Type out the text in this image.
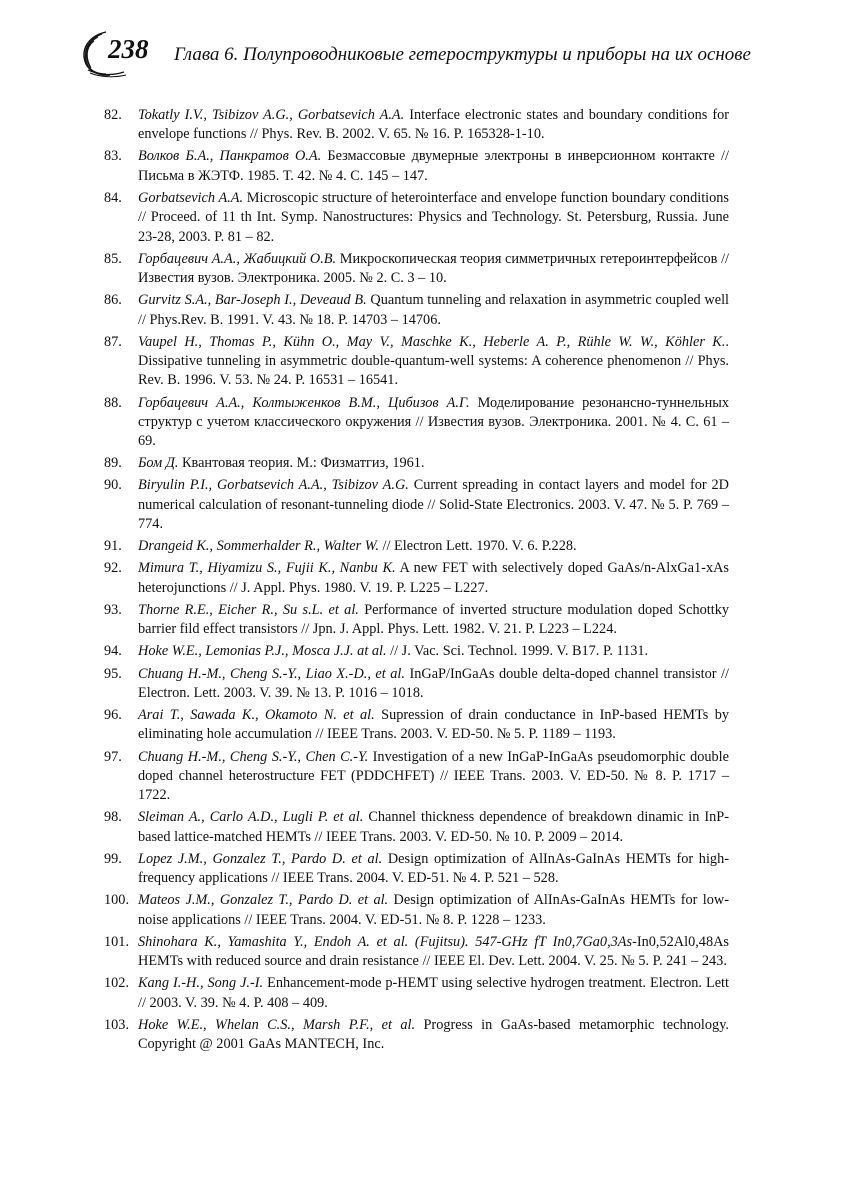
238 Глава 6. Полупроводниковые гетероструктуры и приборы на их основе
82.	Tokatly I.V., Tsibizov A.G., Gorbatsevich A.A. Interface electronic states and boundary conditions for envelope functions // Phys. Rev. B. 2002. V. 65. № 16. P. 165328-1-10.
83.	Волков Б.А., Панкратов О.А. Безмассовые двумерные электроны в инверсионном контакте // Письма в ЖЭТФ. 1985. Т. 42. № 4. С. 145 – 147.
84.	Gorbatsevich A.A. Microscopic structure of heterointerface and envelope function boundary conditions // Proceed. of 11 th Int. Symp. Nanostructures: Physics and Technology. St. Petersburg, Russia. June 23-28, 2003. P. 81 – 82.
85.	Горбацевич А.А., Жабицкий О.В. Микроскопическая теория симметричных гетероинтерфейсов // Известия вузов. Электроника. 2005. № 2. С. 3 – 10.
86.	Gurvitz S.A., Bar-Joseph I., Deveaud B. Quantum tunneling and relaxation in asymmetric coupled well // Phys.Rev. B. 1991. V. 43. № 18. P. 14703 – 14706.
87.	Vaupel H., Thomas P., Kühn O., May V., Maschke K., Heberle A. P., Rühle W. W., Köhler K.. Dissipative tunneling in asymmetric double-quantum-well systems: A coherence phenomenon // Phys. Rev. B. 1996. V. 53. № 24. P. 16531 – 16541.
88.	Горбацевич А.А., Колтыженков В.М., Цибизов А.Г. Моделирование резонансно-туннельных структур с учетом классического окружения // Известия вузов. Электроника. 2001. № 4. С. 61 – 69.
89.	Бом Д. Квантовая теория. М.: Физматгиз, 1961.
90.	Biryulin P.I., Gorbatsevich A.A., Tsibizov A.G. Current spreading in contact layers and model for 2D numerical calculation of resonant-tunneling diode // Solid-State Electronics. 2003. V. 47. № 5. P. 769 – 774.
91.	Drangeid K., Sommerhalder R., Walter W. // Electron Lett. 1970. V. 6. P.228.
92.	Mimura T., Hiyamizu S., Fujii K., Nanbu K. A new FET with selectively doped GaAs/n-AlxGa1-xAs heterojunctions // J. Appl. Phys. 1980. V. 19. P. L225 – L227.
93.	Thorne R.E., Eicher R., Su s.L. et al. Performance of inverted structure modulation doped Schottky barrier fild effect transistors // Jpn. J. Appl. Phys. Lett. 1982. V. 21. P. L223 – L224.
94.	Hoke W.E., Lemonias P.J., Mosca J.J. at al. // J. Vac. Sci. Technol. 1999. V. B17. P. 1131.
95.	Chuang H.-M., Cheng S.-Y., Liao X.-D., et al. InGaP/InGaAs double delta-doped channel transistor // Electron. Lett. 2003. V. 39. № 13. P. 1016 – 1018.
96.	Arai T., Sawada K., Okamoto N. et al. Supression of drain conductance in InP-based HEMTs by eliminating hole accumulation // IEEE Trans. 2003. V. ED-50. № 5. P. 1189 – 1193.
97.	Chuang H.-M., Cheng S.-Y., Chen C.-Y. Investigation of a new InGaP-InGaAs pseudomorphic double doped channel heterostructure FET (PDDCHFET) // IEEE Trans. 2003. V. ED-50. № 8. P. 1717 – 1722.
98.	Sleiman A., Carlo A.D., Lugli P. et al. Channel thickness dependence of breakdown dinamic in InP-based lattice-matched HEMTs // IEEE Trans. 2003. V. ED-50. № 10. P. 2009 – 2014.
99.	Lopez J.M., Gonzalez T., Pardo D. et al. Design optimization of AlInAs-GaInAs HEMTs for high-frequency applications // IEEE Trans. 2004. V. ED-51. № 4. P. 521 – 528.
100. Mateos J.M., Gonzalez T., Pardo D. et al. Design optimization of AlInAs-GaInAs HEMTs for low-noise applications // IEEE Trans. 2004. V. ED-51. № 8. P. 1228 – 1233.
101. Shinohara K., Yamashita Y., Endoh A. et al. (Fujitsu). 547-GHz fT In0,7Ga0,3As-In0,52Al0,48As HEMTs with reduced source and drain resistance // IEEE El. Dev. Lett. 2004. V. 25. № 5. P. 241 – 243.
102. Kang I.-H., Song J.-I. Enhancement-mode p-HEMT using selective hydrogen treatment. Electron. Lett // 2003. V. 39. № 4. P. 408 – 409.
103. Hoke W.E., Whelan C.S., Marsh P.F., et al. Progress in GaAs-based metamorphic technology. Copyright @ 2001 GaAs MANTECH, Inc.
